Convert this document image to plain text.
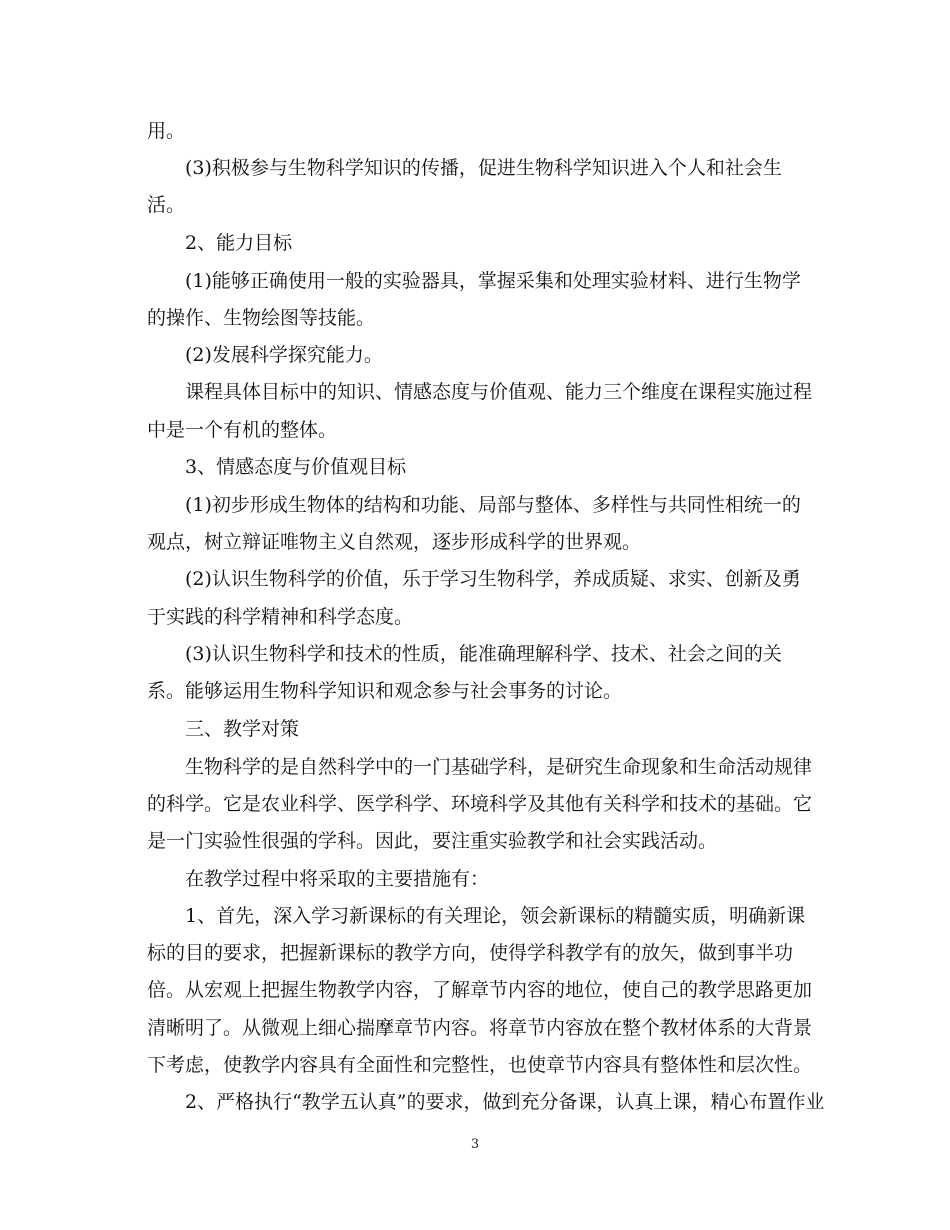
用。
(3)积极参与生物科学知识的传播，促进生物科学知识进入个人和社会生
活。
2、能力目标
(1)能够正确使用一般的实验器具，掌握采集和处理实验材料、进行生物学
的操作、生物绘图等技能。
(2)发展科学探究能力。
课程具体目标中的知识、情感态度与价值观、能力三个维度在课程实施过程
中是一个有机的整体。
3、情感态度与价值观目标
(1)初步形成生物体的结构和功能、局部与整体、多样性与共同性相统一的
观点，树立辩证唯物主义自然观，逐步形成科学的世界观。
(2)认识生物科学的价值，乐于学习生物科学，养成质疑、求实、创新及勇
于实践的科学精神和科学态度。
(3)认识生物科学和技术的性质，能准确理解科学、技术、社会之间的关
系。能够运用生物科学知识和观念参与社会事务的讨论。
三、教学对策
生物科学的是自然科学中的一门基础学科，是研究生命现象和生命活动规律
的科学。它是农业科学、医学科学、环境科学及其他有关科学和技术的基础。它
是一门实验性很强的学科。因此，要注重实验教学和社会实践活动。
在教学过程中将采取的主要措施有：
1、首先，深入学习新课标的有关理论，领会新课标的精髓实质，明确新课
标的目的要求，把握新课标的教学方向，使得学科教学有的放矢，做到事半功
倍。从宏观上把握生物教学内容，了解章节内容的地位，使自己的教学思路更加
清晰明了。从微观上细心揣摩章节内容。将章节内容放在整个教材体系的大背景
下考虑，使教学内容具有全面性和完整性，也使章节内容具有整体性和层次性。
2、严格执行“教学五认真”的要求，做到充分备课，认真上课，精心布置作业
3
